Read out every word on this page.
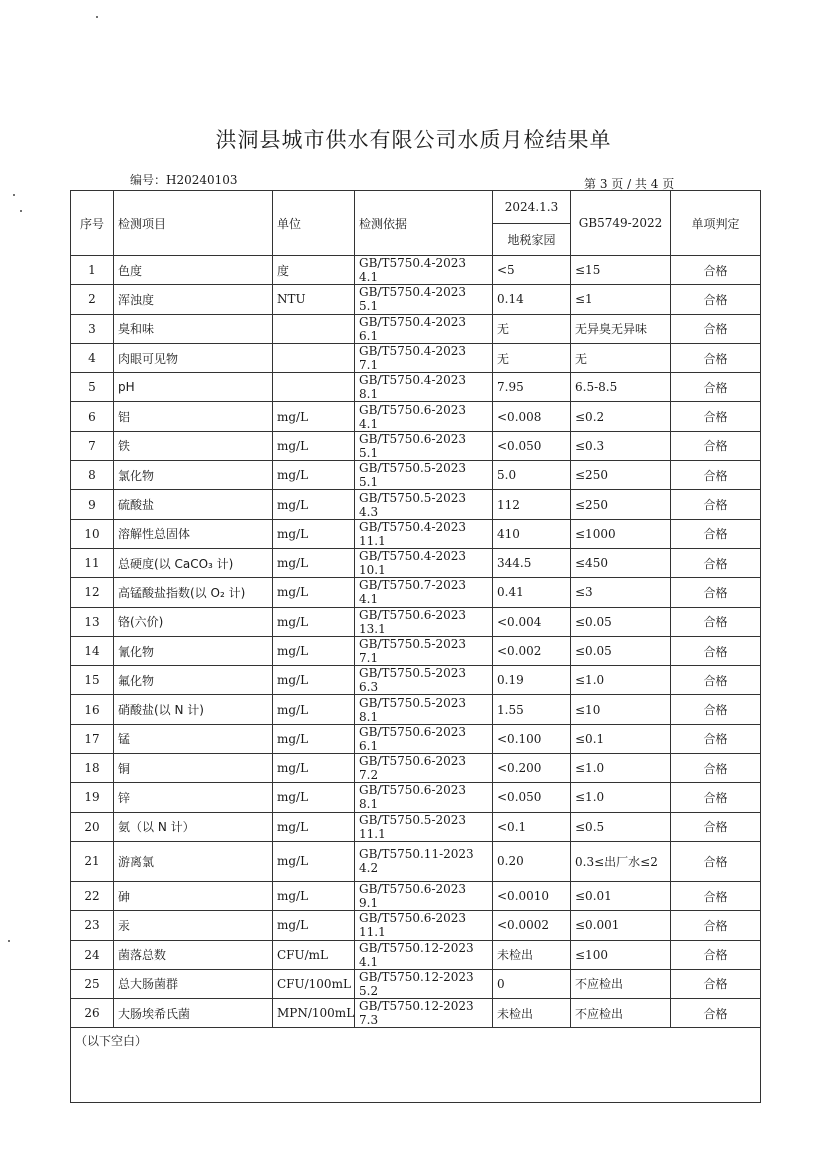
洪洞县城市供水有限公司水质月检结果单
编号：H20240103	第 3 页 / 共 4 页
序号	检测项目	单位	检测依据	2024.1.3	GB5749-2022	单项判定
				地税家园		
1	色度	度	GB/T5750.4-2023 4.1	<5	≤15	合格
2	浑浊度	NTU	GB/T5750.4-2023 5.1	0.14	≤1	合格
3	臭和味		GB/T5750.4-2023 6.1	无	无异臭无异味	合格
4	肉眼可见物		GB/T5750.4-2023 7.1	无	无	合格
5	pH		GB/T5750.4-2023 8.1	7.95	6.5-8.5	合格
6	铝	mg/L	GB/T5750.6-2023 4.1	<0.008	≤0.2	合格
7	铁	mg/L	GB/T5750.6-2023 5.1	<0.050	≤0.3	合格
8	氯化物	mg/L	GB/T5750.5-2023 5.1	5.0	≤250	合格
9	硫酸盐	mg/L	GB/T5750.5-2023 4.3	112	≤250	合格
10	溶解性总固体	mg/L	GB/T5750.4-2023 11.1	410	≤1000	合格
11	总硬度(以 CaCO₃ 计)	mg/L	GB/T5750.4-2023 10.1	344.5	≤450	合格
12	高锰酸盐指数(以 O₂ 计)	mg/L	GB/T5750.7-2023 4.1	0.41	≤3	合格
13	铬(六价)	mg/L	GB/T5750.6-2023 13.1	<0.004	≤0.05	合格
14	氰化物	mg/L	GB/T5750.5-2023 7.1	<0.002	≤0.05	合格
15	氟化物	mg/L	GB/T5750.5-2023 6.3	0.19	≤1.0	合格
16	硝酸盐(以 N 计)	mg/L	GB/T5750.5-2023 8.1	1.55	≤10	合格
17	锰	mg/L	GB/T5750.6-2023 6.1	<0.100	≤0.1	合格
18	铜	mg/L	GB/T5750.6-2023 7.2	<0.200	≤1.0	合格
19	锌	mg/L	GB/T5750.6-2023 8.1	<0.050	≤1.0	合格
20	氨（以 N 计）	mg/L	GB/T5750.5-2023 11.1	<0.1	≤0.5	合格
21	游离氯	mg/L	GB/T5750.11-2023 4.2	0.20	0.3≤出厂水≤2	合格
22	砷	mg/L	GB/T5750.6-2023 9.1	<0.0010	≤0.01	合格
23	汞	mg/L	GB/T5750.6-2023 11.1	<0.0002	≤0.001	合格
24	菌落总数	CFU/mL	GB/T5750.12-2023 4.1	未检出	≤100	合格
25	总大肠菌群	CFU/100mL	GB/T5750.12-2023 5.2	0	不应检出	合格
26	大肠埃希氏菌	MPN/100mL	GB/T5750.12-2023 7.3	未检出	不应检出	合格
（以下空白）						
